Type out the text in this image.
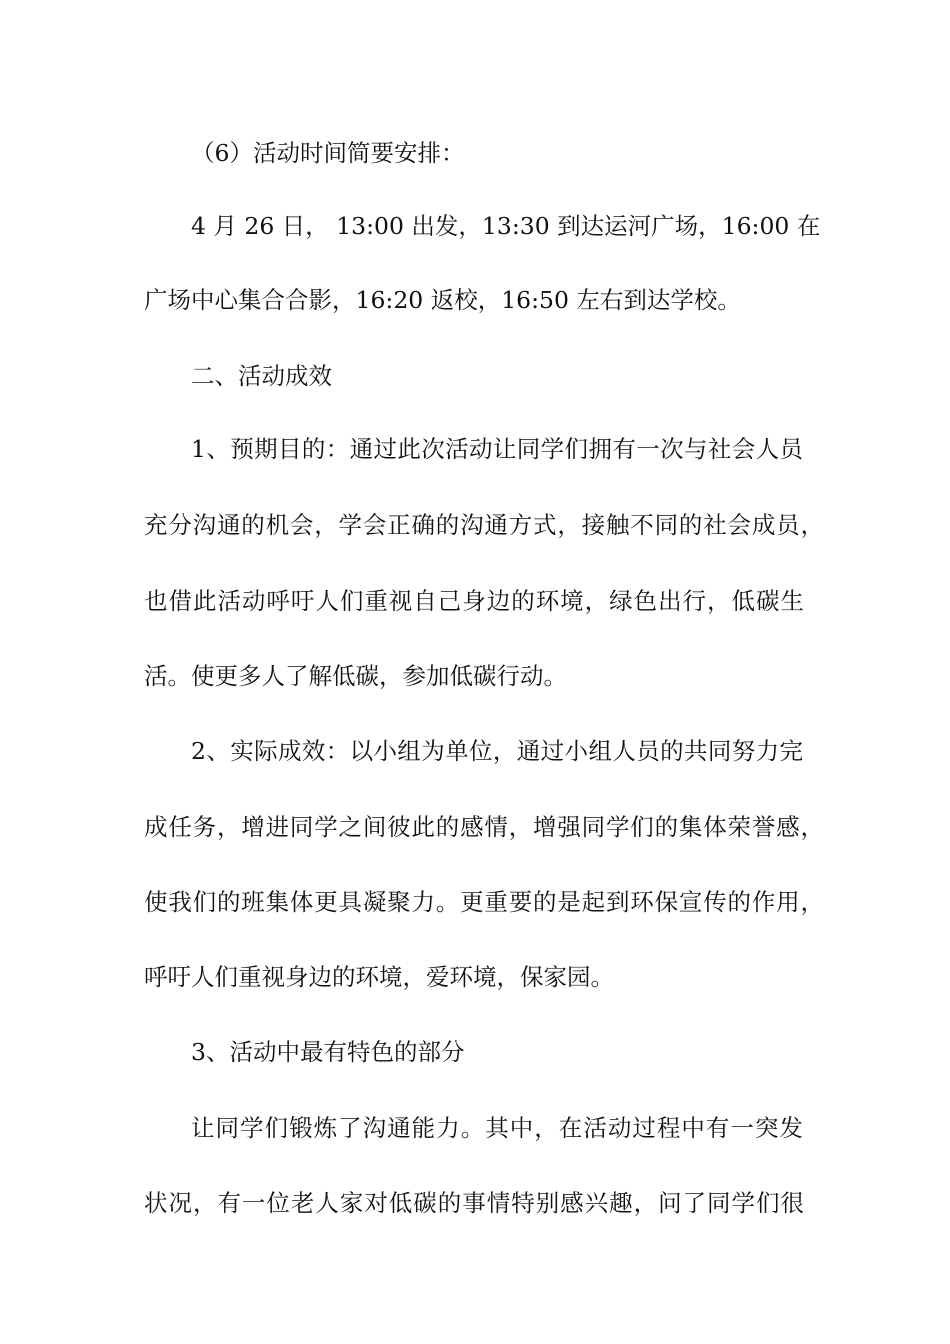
（6）活动时间简要安排：
4 月 26 日， 13:00 出发，13:30 到达运河广场，16:00 在
广场中心集合合影，16:20 返校，16:50 左右到达学校。
二、活动成效
1、预期目的：通过此次活动让同学们拥有一次与社会人员
充分沟通的机会，学会正确的沟通方式，接触不同的社会成员，
也借此活动呼吁人们重视自己身边的环境，绿色出行，低碳生
活。使更多人了解低碳，参加低碳行动。
2、实际成效：以小组为单位，通过小组人员的共同努力完
成任务，增进同学之间彼此的感情，增强同学们的集体荣誉感，
使我们的班集体更具凝聚力。更重要的是起到环保宣传的作用，
呼吁人们重视身边的环境，爱环境，保家园。
3、活动中最有特色的部分
让同学们锻炼了沟通能力。其中，在活动过程中有一突发
状况，有一位老人家对低碳的事情特别感兴趣，问了同学们很
